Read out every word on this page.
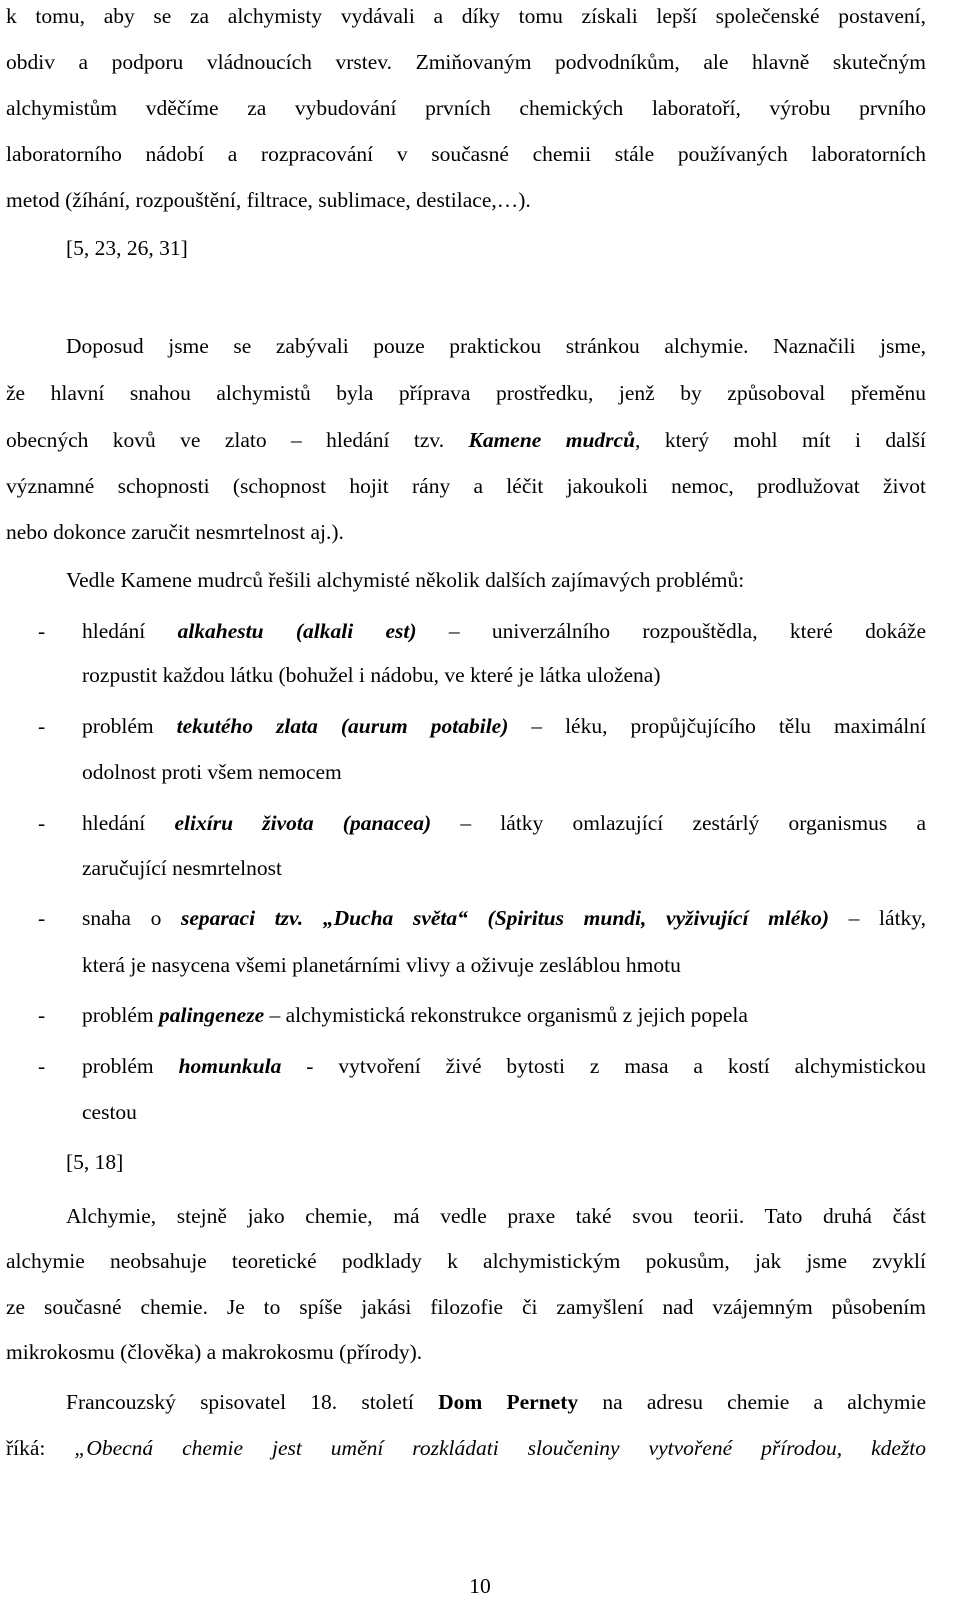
k tomu, aby se za alchymisty vydávali a díky tomu získali lepší společenské postavení,
obdiv a podporu vládnoucích vrstev. Zmiňovaným podvodníkům, ale hlavně skutečným
alchymistům vděčíme za vybudování prvních chemických laboratoří, výrobu prvního
laboratorního nádobí a rozpracování v současné chemii stále používaných laboratorních
metod (žíhání, rozpouštění, filtrace, sublimace, destilace,…).
[5, 23, 26, 31]
Doposud jsme se zabývali pouze praktickou stránkou alchymie. Naznačili jsme,
že hlavní snahou alchymistů byla příprava prostředku, jenž by způsoboval přeměnu
obecných kovů ve zlato – hledání tzv. Kamene mudrců, který mohl mít i další
významné schopnosti (schopnost hojit rány a léčit jakoukoli nemoc, prodlužovat život
nebo dokonce zaručit nesmrtelnost aj.).
Vedle Kamene mudrců řešili alchymisté několik dalších zajímavých problémů:
- hledání alkahestu (alkali est) – univerzálního rozpouštědla, které dokáže
rozpustit každou látku (bohužel i nádobu, ve které je látka uložena)
- problém tekutého zlata (aurum potabile) – léku, propůjčujícího tělu maximální
odolnost proti všem nemocem
- hledání elixíru života (panacea) – látky omlazující zestárlý organismus a
zaručující nesmrtelnost
- snaha o separaci tzv. „Ducha světa“ (Spiritus mundi, vyživující mléko) – látky,
která je nasycena všemi planetárními vlivy a oživuje zesláblou hmotu
- problém palingeneze – alchymistická rekonstrukce organismů z jejich popela
- problém homunkula - vytvoření živé bytosti z masa a kostí alchymistickou
cestou
[5, 18]
Alchymie, stejně jako chemie, má vedle praxe také svou teorii. Tato druhá část
alchymie neobsahuje teoretické podklady k alchymistickým pokusům, jak jsme zvyklí
ze současné chemie. Je to spíše jakási filozofie či zamyšlení nad vzájemným působením
mikrokosmu (člověka) a makrokosmu (přírody).
Francouzský spisovatel 18. století Dom Pernety na adresu chemie a alchymie
říká: „Obecná chemie jest umění rozkládati sloučeniny vytvořené přírodou, kdežto
10
